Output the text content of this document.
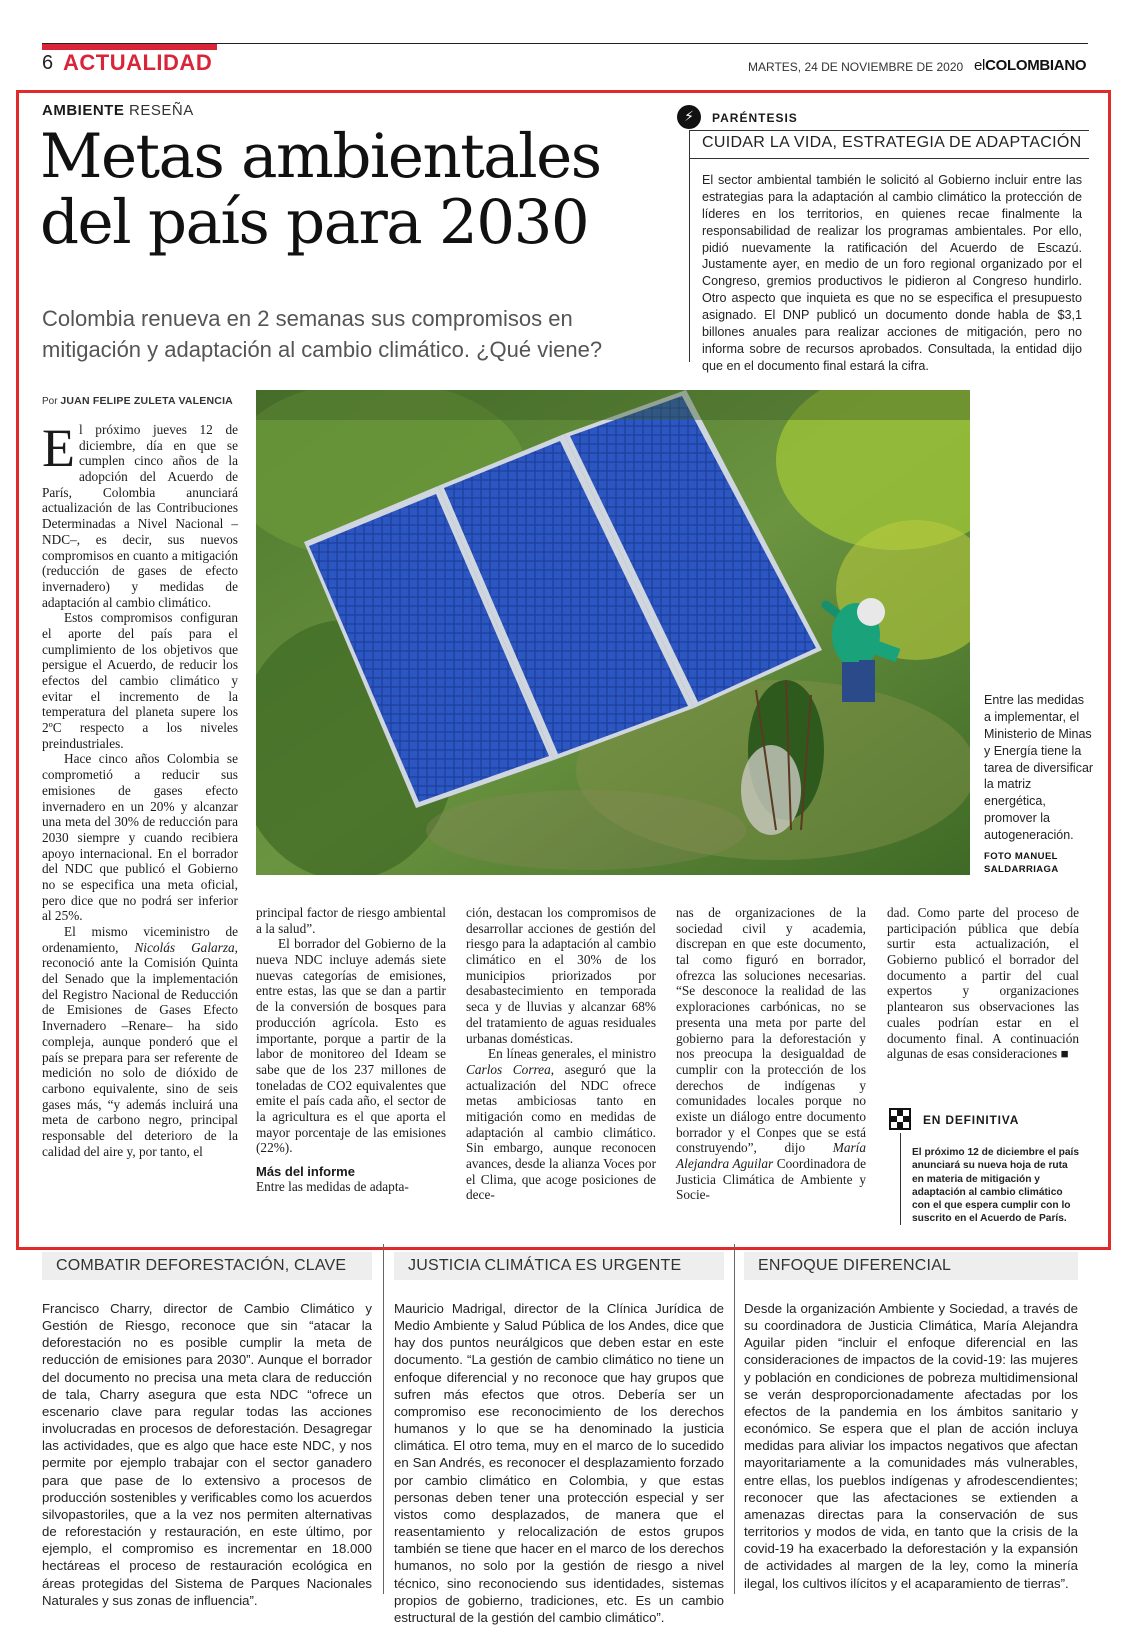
6 ACTUALIDAD	MARTES, 24 DE NOVIEMBRE DE 2020 elCOLOMBIANO
AMBIENTE RESEÑA
Metas ambientales del país para 2030
Colombia renueva en 2 semanas sus compromisos en mitigación y adaptación al cambio climático. ¿Qué viene?
⚡	PARÉNTESIS
CUIDAR LA VIDA, ESTRATEGIA DE ADAPTACIÓN
El sector ambiental también le solicitó al Gobierno incluir entre las estrategias para la adaptación al cambio climático la protección de líderes en los territorios, en quienes recae finalmente la responsabilidad de realizar los programas ambientales. Por ello, pidió nuevamente la ratificación del Acuerdo de Escazú. Justamente ayer, en medio de un foro regional organizado por el Congreso, gremios productivos le pidieron al Congreso hundirlo. Otro aspecto que inquieta es que no se especifica el presupuesto asignado. El DNP publicó un documento donde habla de $3,1 billones anuales para realizar acciones de mitigación, pero no informa sobre de recursos aprobados. Consultada, la entidad dijo que en el documento final estará la cifra.
Por JUAN FELIPE ZULETA VALENCIA
Entre las medidas a implementar, el Ministerio de Minas y Energía tiene la tarea de diversificar la matriz energética, promover la autogeneración.
FOTO MANUEL SALDARRIAGA

El próximo jueves 12 de diciembre, día en que se cumplen cinco años de la adopción del Acuerdo de París, Colombia anunciará actualización de las Contribuciones Determinadas a Nivel Nacional –NDC–, es decir, sus nuevos compromisos en cuanto a mitigación (reducción de gases de efecto invernadero) y medidas de adaptación al cambio climático.

Estos compromisos configuran el aporte del país para el cumplimiento de los objetivos que persigue el Acuerdo, de reducir los efectos del cambio climático y evitar el incremento de la temperatura del planeta supere los 2ºC respecto a los niveles preindustriales.

Hace cinco años Colombia se comprometió a reducir sus emisiones de gases efecto invernadero en un 20% y alcanzar una meta del 30% de reducción para 2030 siempre y cuando recibiera apoyo internacional. En el borrador del NDC que publicó el Gobierno no se especifica una meta oficial, pero dice que no podrá ser inferior al 25%.

El mismo viceministro de ordenamiento, Nicolás Galarza, reconoció ante la Comisión Quinta del Senado que la implementación del Registro Nacional de Reducción de Emisiones de Gases Efecto Invernadero –Renare– ha sido compleja, aunque ponderó que el país se prepara para ser referente de medición no solo de dióxido de carbono equivalente, sino de seis gases más, “y además incluirá una meta de carbono negro, principal responsable del deterioro de la calidad del aire y, por tanto, el

principal factor de riesgo ambiental a la salud”.

El borrador del Gobierno de la nueva NDC incluye además siete nuevas categorías de emisiones, entre estas, las que se dan a partir de la conversión de bosques para producción agrícola. Esto es importante, porque a partir de la labor de monitoreo del Ideam se sabe que de los 237 millones de toneladas de CO2 equivalentes que emite el país cada año, el sector de la agricultura es el que aporta el mayor porcentaje de las emisiones (22%).

Más del informe

Entre las medidas de adapta-

ción, destacan los compromisos de desarrollar acciones de gestión del riesgo para la adaptación al cambio climático en el 30% de los municipios priorizados por desabastecimiento en temporada seca y de lluvias y alcanzar 68% del tratamiento de aguas residuales urbanas domésticas.

En líneas generales, el ministro Carlos Correa, aseguró que la actualización del NDC ofrece metas ambiciosas tanto en mitigación como en medidas de adaptación al cambio climático. Sin embargo, aunque reconocen avances, desde la alianza Voces por el Clima, que acoge posiciones de dece-

nas de organizaciones de la sociedad civil y academia, discrepan en que este documento, tal como figuró en borrador, ofrezca las soluciones necesarias. “Se desconoce la realidad de las exploraciones carbónicas, no se presenta una meta por parte del gobierno para la deforestación y nos preocupa la desigualdad de cumplir con la protección de los derechos de indígenas y comunidades locales porque no existe un diálogo entre documento borrador y el Conpes que se está construyendo”, dijo María Alejandra Aguilar Coordinadora de Justicia Climática de Ambiente y Socie-

dad. Como parte del proceso de participación pública que debía surtir esta actualización, el Gobierno publicó el borrador del documento a partir del cual expertos y organizaciones plantearon sus observaciones las cuales podrían estar en el documento final. A continuación algunas de esas consideraciones ■

EN DEFINITIVA
El próximo 12 de diciembre el país anunciará su nueva hoja de ruta en materia de mitigación y adaptación al cambio climático con el que espera cumplir con lo suscrito en el Acuerdo de París.
COMBATIR DEFORESTACIÓN, CLAVE
Francisco Charry, director de Cambio Climático y Gestión de Riesgo, reconoce que sin “atacar la deforestación no es posible cumplir la meta de reducción de emisiones para 2030”. Aunque el borrador del documento no precisa una meta clara de reducción de tala, Charry asegura que esta NDC “ofrece un escenario clave para regular todas las acciones involucradas en procesos de deforestación. Desagregar las actividades, que es algo que hace este NDC, y nos permite por ejemplo trabajar con el sector ganadero para que pase de lo extensivo a procesos de producción sostenibles y verificables como los acuerdos silvopastoriles, que a la vez nos permiten alternativas de reforestación y restauración, en este último, por ejemplo, el compromiso es incrementar en 18.000 hectáreas el proceso de restauración ecológica en áreas protegidas del Sistema de Parques Nacionales Naturales y sus zonas de influencia”.
JUSTICIA CLIMÁTICA ES URGENTE
Mauricio Madrigal, director de la Clínica Jurídica de Medio Ambiente y Salud Pública de los Andes, dice que hay dos puntos neurálgicos que deben estar en este documento. “La gestión de cambio climático no tiene un enfoque diferencial y no reconoce que hay grupos que sufren más efectos que otros. Debería ser un compromiso ese reconocimiento de los derechos humanos y lo que se ha denominado la justicia climática. El otro tema, muy en el marco de lo sucedido en San Andrés, es reconocer el desplazamiento forzado por cambio climático en Colombia, y que estas personas deben tener una protección especial y ser vistos como desplazados, de manera que el reasentamiento y relocalización de estos grupos también se tiene que hacer en el marco de los derechos humanos, no solo por la gestión de riesgo a nivel técnico, sino reconociendo sus identidades, sistemas propios de gobierno, tradiciones, etc. Es un cambio estructural de la gestión del cambio climático”.
ENFOQUE DIFERENCIAL
Desde la organización Ambiente y Sociedad, a través de su coordinadora de Justicia Climática, María Alejandra Aguilar piden “incluir el enfoque diferencial en las consideraciones de impactos de la covid-19: las mujeres y población en condiciones de pobreza multidimensional se verán desproporcionadamente afectadas por los efectos de la pandemia en los ámbitos sanitario y económico. Se espera que el plan de acción incluya medidas para aliviar los impactos negativos que afectan mayoritariamente a la comunidades más vulnerables, entre ellas, los pueblos indígenas y afrodescendientes; reconocer que las afectaciones se extienden a amenazas directas para la conservación de sus territorios y modos de vida, en tanto que la crisis de la covid-19 ha exacerbado la deforestación y la expansión de actividades al margen de la ley, como la minería ilegal, los cultivos ilícitos y el acaparamiento de tierras”.
